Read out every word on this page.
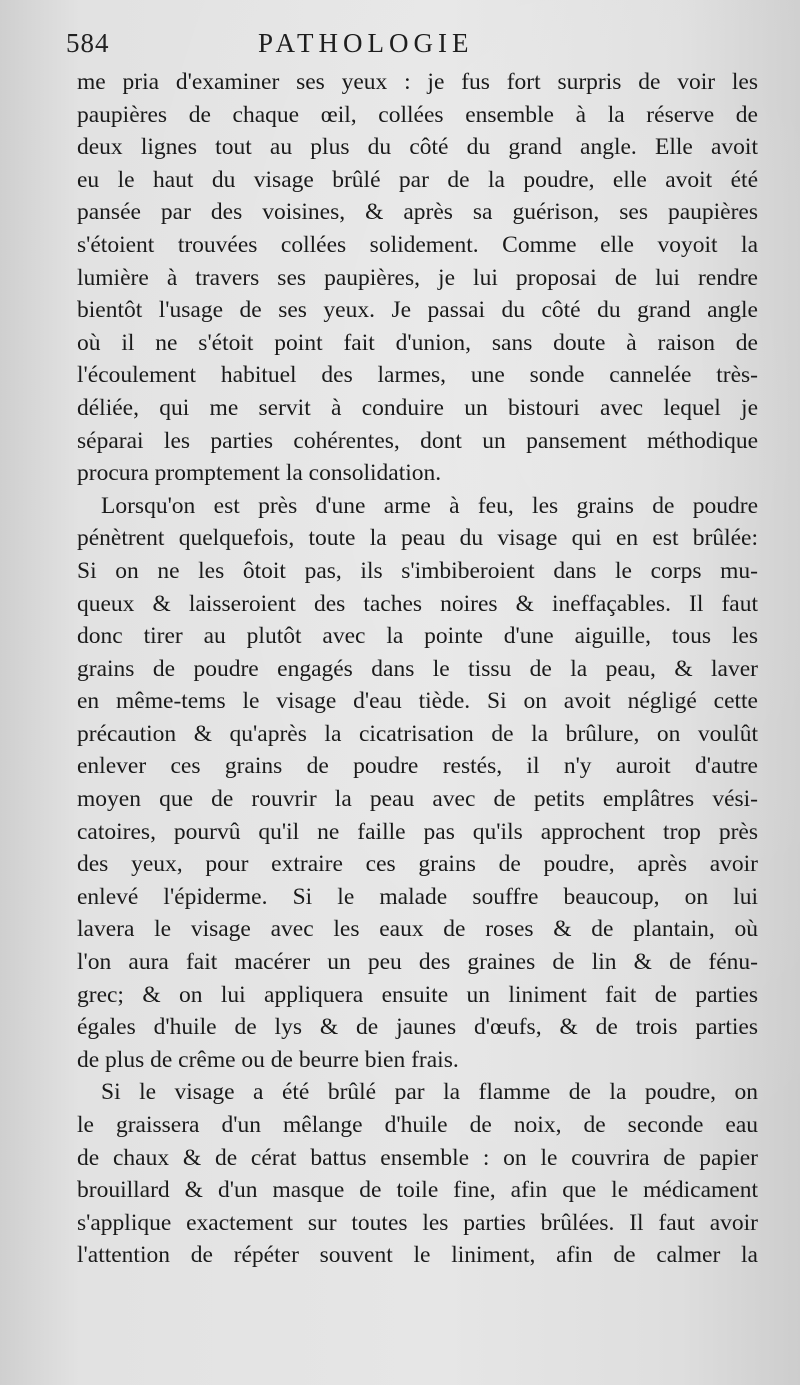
584	PATHOLOGIE
me pria d'examiner ses yeux : je fus fort surpris de voir les
paupières de chaque œil, collées ensemble à la réserve de
deux lignes tout au plus du côté du grand angle. Elle avoit
eu le haut du visage brûlé par de la poudre, elle avoit été
pansée par des voisines, & après sa guérison, ses paupières
s'étoient trouvées collées solidement. Comme elle voyoit la
lumière à travers ses paupières, je lui proposai de lui rendre
bientôt l'usage de ses yeux. Je passai du côté du grand angle
où il ne s'étoit point fait d'union, sans doute à raison de
l'écoulement habituel des larmes, une sonde cannelée très-
déliée, qui me servit à conduire un bistouri avec lequel je
séparai les parties cohérentes, dont un pansement méthodique
procura promptement la consolidation.
Lorsqu'on est près d'une arme à feu, les grains de poudre
pénètrent quelquefois, toute la peau du visage qui en est brûlée:
Si on ne les ôtoit pas, ils s'imbiberoient dans le corps mu-
queux & laisseroient des taches noires & ineffaçables. Il faut
donc tirer au plutôt avec la pointe d'une aiguille, tous les
grains de poudre engagés dans le tissu de la peau, & laver
en même-tems le visage d'eau tiède. Si on avoit négligé cette
précaution & qu'après la cicatrisation de la brûlure, on voulût
enlever ces grains de poudre restés, il n'y auroit d'autre
moyen que de rouvrir la peau avec de petits emplâtres vési-
catoires, pourvû qu'il ne faille pas qu'ils approchent trop près
des yeux, pour extraire ces grains de poudre, après avoir
enlevé l'épiderme. Si le malade souffre beaucoup, on lui
lavera le visage avec les eaux de roses & de plantain, où
l'on aura fait macérer un peu des graines de lin & de fénu-
grec; & on lui appliquera ensuite un liniment fait de parties
égales d'huile de lys & de jaunes d'œufs, & de trois parties
de plus de crême ou de beurre bien frais.
Si le visage a été brûlé par la flamme de la poudre, on
le graissera d'un mêlange d'huile de noix, de seconde eau
de chaux & de cérat battus ensemble : on le couvrira de papier
brouillard & d'un masque de toile fine, afin que le médicament
s'applique exactement sur toutes les parties brûlées. Il faut avoir
l'attention de répéter souvent le liniment, afin de calmer la
